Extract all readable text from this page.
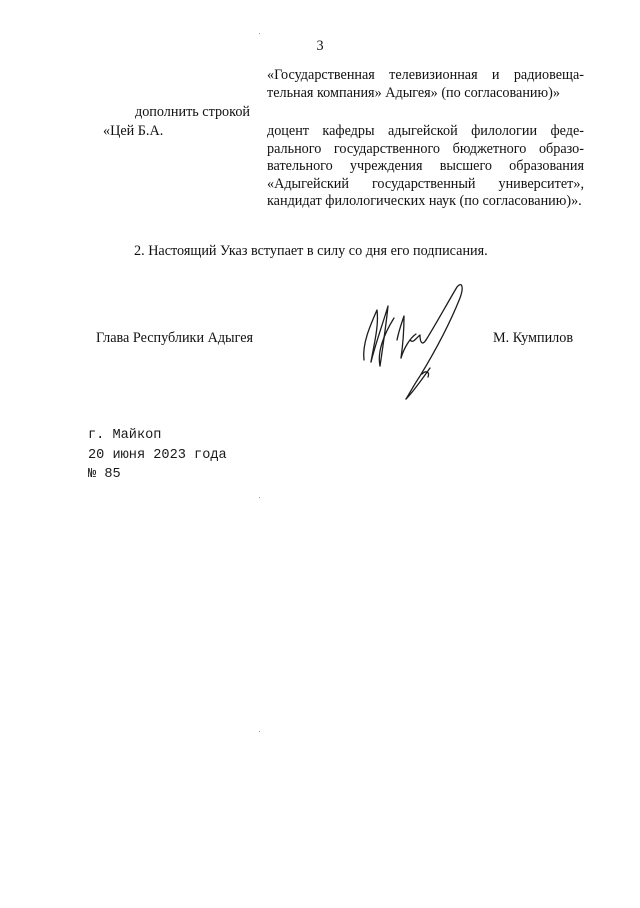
3
«Государственная телевизионная и радиовещательная компания» Адыгея» (по согласованию)»
дополнить строкой
«Цей Б.А.	доцент кафедры адыгейской филологии федерального государственного бюджетного образовательного учреждения высшего образования «Адыгейский государственный университет», кандидат филологических наук (по согласованию)».
2. Настоящий Указ вступает в силу со дня его подписания.
Глава Республики Адыгея	М. Кумпилов
г. Майкоп
20 июня 2023 года
№ 85
